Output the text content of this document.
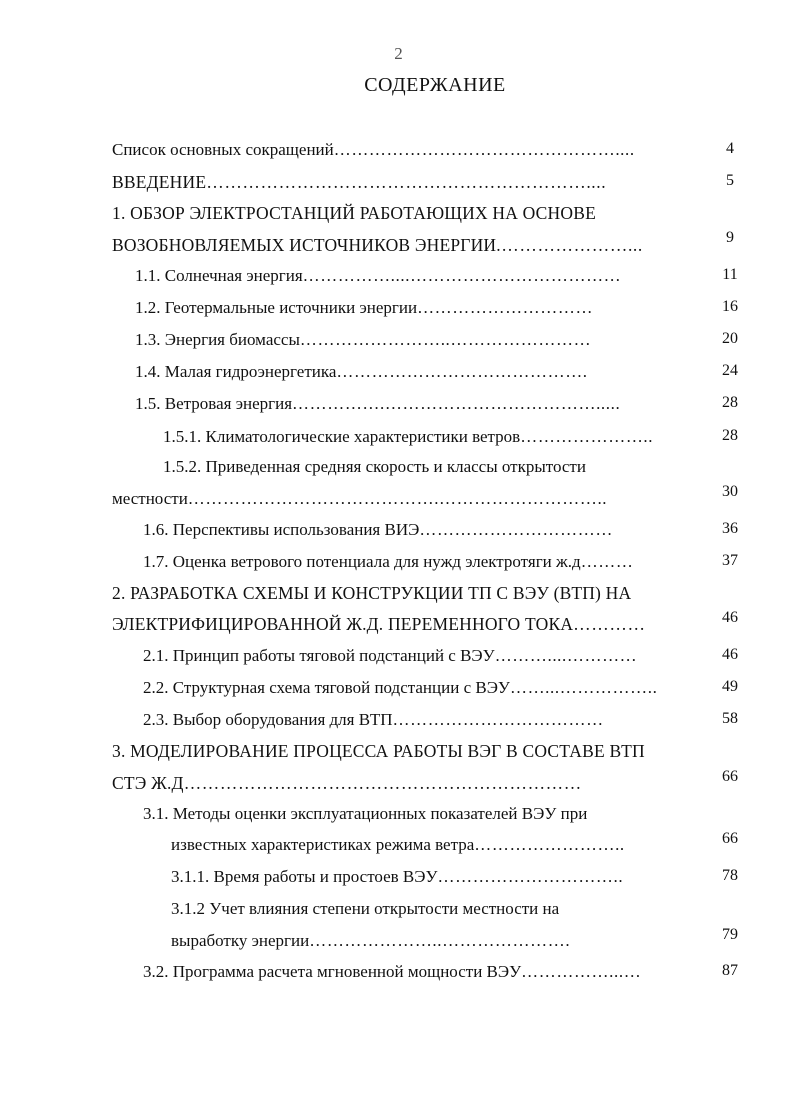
2
СОДЕРЖАНИЕ
Список основных сокращений…………………………………………....	4
ВВЕДЕНИЕ………………………………………………………....	5
1. ОБЗОР ЭЛЕКТРОСТАНЦИЙ РАБОТАЮЩИХ НА ОСНОВЕ
ВОЗОБНОВЛЯЕМЫХ ИСТОЧНИКОВ ЭНЕРГИИ.…………………...	9
1.1. Солнечная энергия……………....………………………………	11
1.2. Геотермальные источники энергии…………………………	16
1.3. Энергия биомассы……………………..……………………	20
1.4. Малая гидроэнергетика…………………………………….	24
1.5. Ветровая энергия…………….……………………………….....	28
1.5.1. Климатологические характеристики ветров…………………..	28
1.5.2. Приведенная средняя скорость и классы открытости
местности…………………………………….………………………..	30
1.6. Перспективы использования ВИЭ……………………………	36
1.7. Оценка ветрового потенциала для нужд электротяги ж.д………	37
2. РАЗРАБОТКА СХЕМЫ И КОНСТРУКЦИИ ТП С ВЭУ (ВТП) НА
ЭЛЕКТРИФИЦИРОВАННОЙ Ж.Д. ПЕРЕМЕННОГО ТОКА…………	46
2.1. Принцип работы тяговой подстанций с ВЭУ………....…………	46
2.2. Структурная схема тяговой подстанции с ВЭУ……...……………..	49
2.3. Выбор оборудования для ВТП………………………………	58
3. МОДЕЛИРОВАНИЕ ПРОЦЕССА РАБОТЫ ВЭГ В СОСТАВЕ ВТП
СТЭ Ж.Д…………………………………………………………	66
3.1. Методы оценки эксплуатационных показателей ВЭУ при
известных характеристиках режима ветра……………………..	66
3.1.1. Время работы и простоев ВЭУ…………………………..	78
3.1.2 Учет влияния степени открытости местности на
выработку энергии…………………..………………….	79
3.2. Программа расчета мгновенной мощности ВЭУ……………...…	87
